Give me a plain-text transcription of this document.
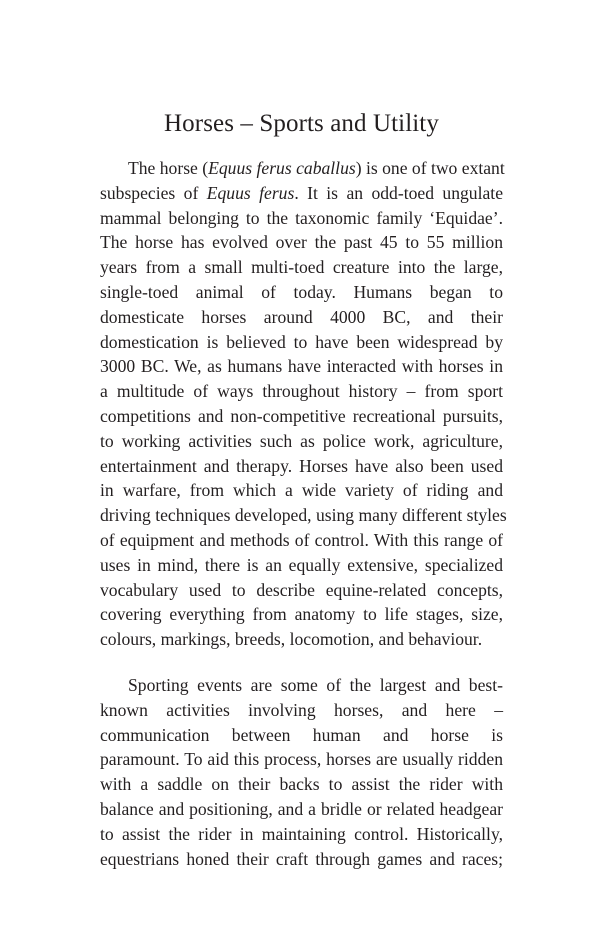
Horses – Sports and Utility
The horse (Equus ferus caballus) is one of two extant
subspecies of Equus ferus. It is an odd-toed ungulate
mammal belonging to the taxonomic family ‘Equidae’.
The horse has evolved over the past 45 to 55 million
years from a small multi-toed creature into the large,
single-toed animal of today. Humans began to
domesticate horses around 4000 BC, and their
domestication is believed to have been widespread by
3000 BC. We, as humans have interacted with horses in
a multitude of ways throughout history – from sport
competitions and non-competitive recreational pursuits,
to working activities such as police work, agriculture,
entertainment and therapy. Horses have also been used
in warfare, from which a wide variety of riding and
driving techniques developed, using many different styles
of equipment and methods of control. With this range of
uses in mind, there is an equally extensive, specialized
vocabulary used to describe equine-related concepts,
covering everything from anatomy to life stages, size,
colours, markings, breeds, locomotion, and behaviour.
Sporting events are some of the largest and best-
known activities involving horses, and here –
communication between human and horse is
paramount. To aid this process, horses are usually ridden
with a saddle on their backs to assist the rider with
balance and positioning, and a bridle or related headgear
to assist the rider in maintaining control. Historically,
equestrians honed their craft through games and races;
